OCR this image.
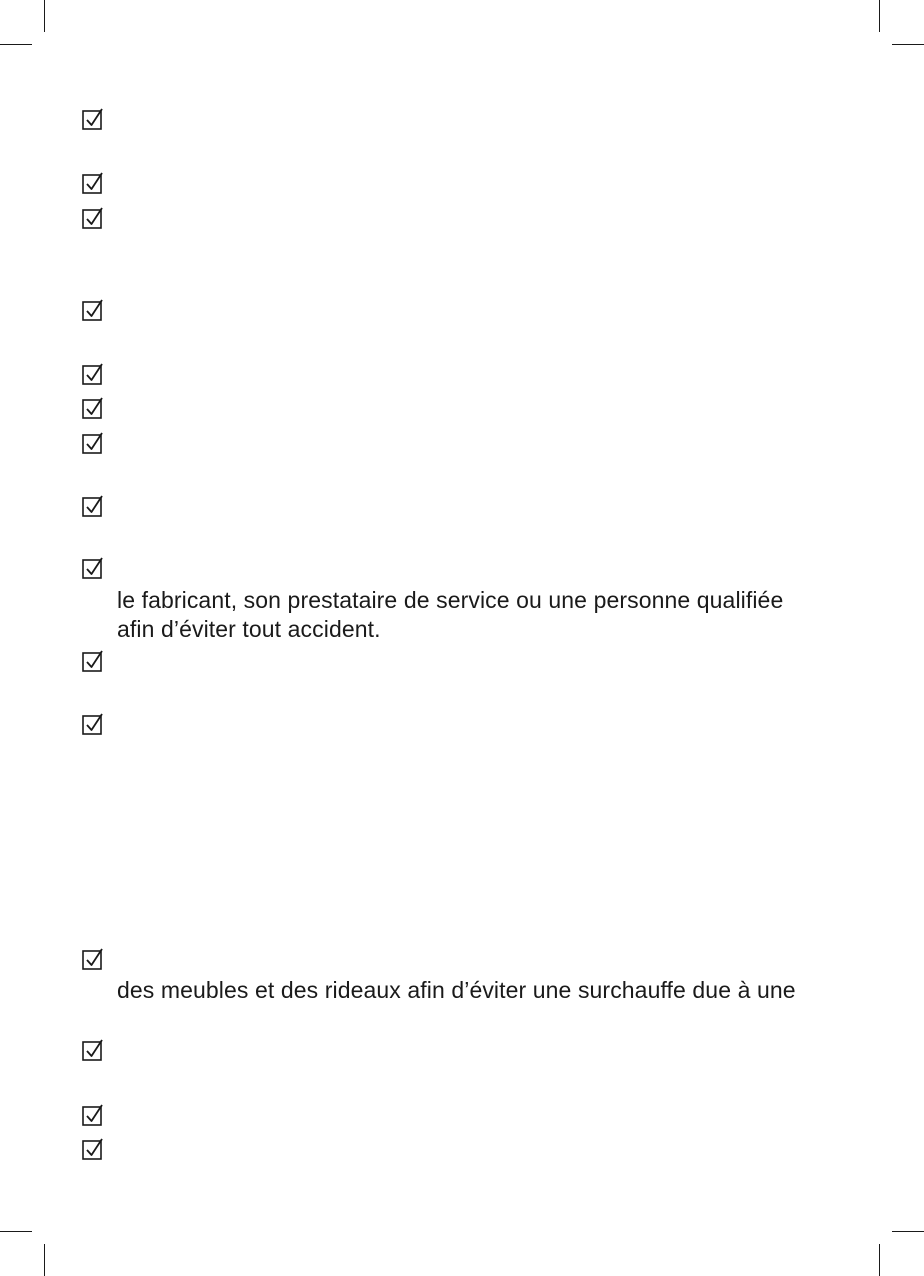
le fabricant, son prestataire de service ou une personne qualifiée
afin d’éviter tout accident.
des meubles et des rideaux afin d’éviter une surchauffe due à une
